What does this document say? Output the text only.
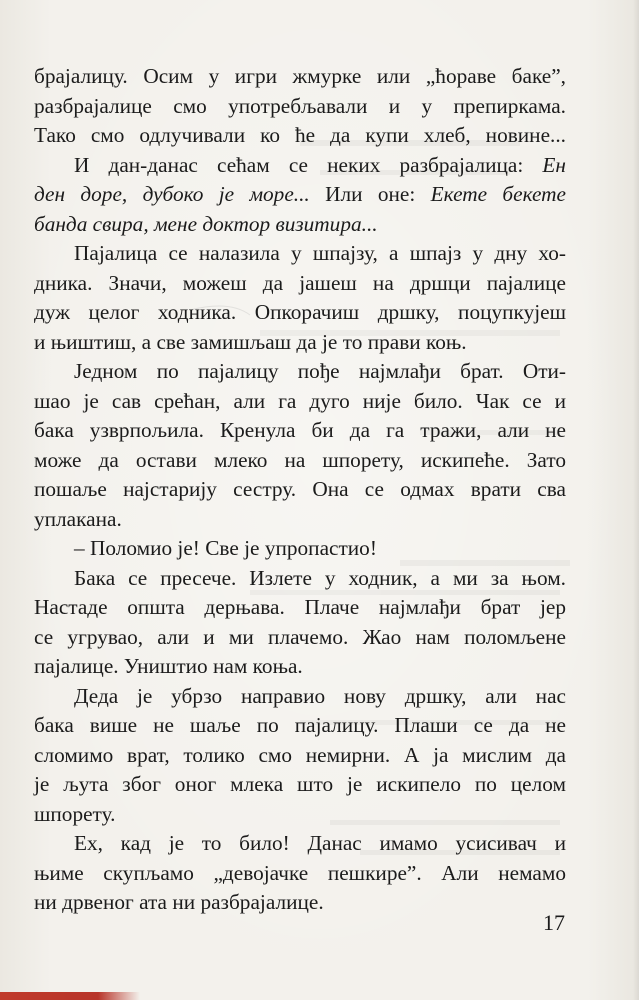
брајалицу. Осим у игри жмурке или „ћораве баке”,
разбрајалице смо употребљавали и у препиркама.
Тако смо одлучивали ко ће да купи хлеб, новине...
И дан-данас сећам се неких разбрајалица: Ен
ден доре, дубоко је море... Или оне: Екете бекете
банда свира, мене доктор визитира...
Пајалица се налазила у шпајзу, а шпајз у дну хо-
дника. Значи, можеш да јашеш на дршци пајалице
дуж целог ходника. Опкорачиш дршку, поцупкујеш
и њиштиш, а све замишљаш да је то прави коњ.
Једном по пајалицу пође најмлађи брат. Оти-
шао је сав срећан, али га дуго није било. Чак се и
бака узврпољила. Кренула би да га тражи, али не
може да остави млеко на шпорету, искипеће. Зато
пошаље најстарију сестру. Она се одмах врати сва
уплакана.
– Поломио је! Све је упропастио!
Бака се пресече. Излете у ходник, а ми за њом.
Настаде општа дерњава. Плаче најмлађи брат јер
се угрувао, али и ми плачемо. Жао нам поломљене
пајалице. Уништио нам коња.
Деда је убрзо направио нову дршку, али нас
бака више не шаље по пајалицу. Плаши се да не
сломимо врат, толико смо немирни. А ја мислим да
је љута због оног млека што је искипело по целом
шпорету.
Ех, кад је то било! Данас имамо усисивач и
њиме скупљамо „девојачке пешкире”. Али немамо
ни дрвеног ата ни разбрајалице.
17
